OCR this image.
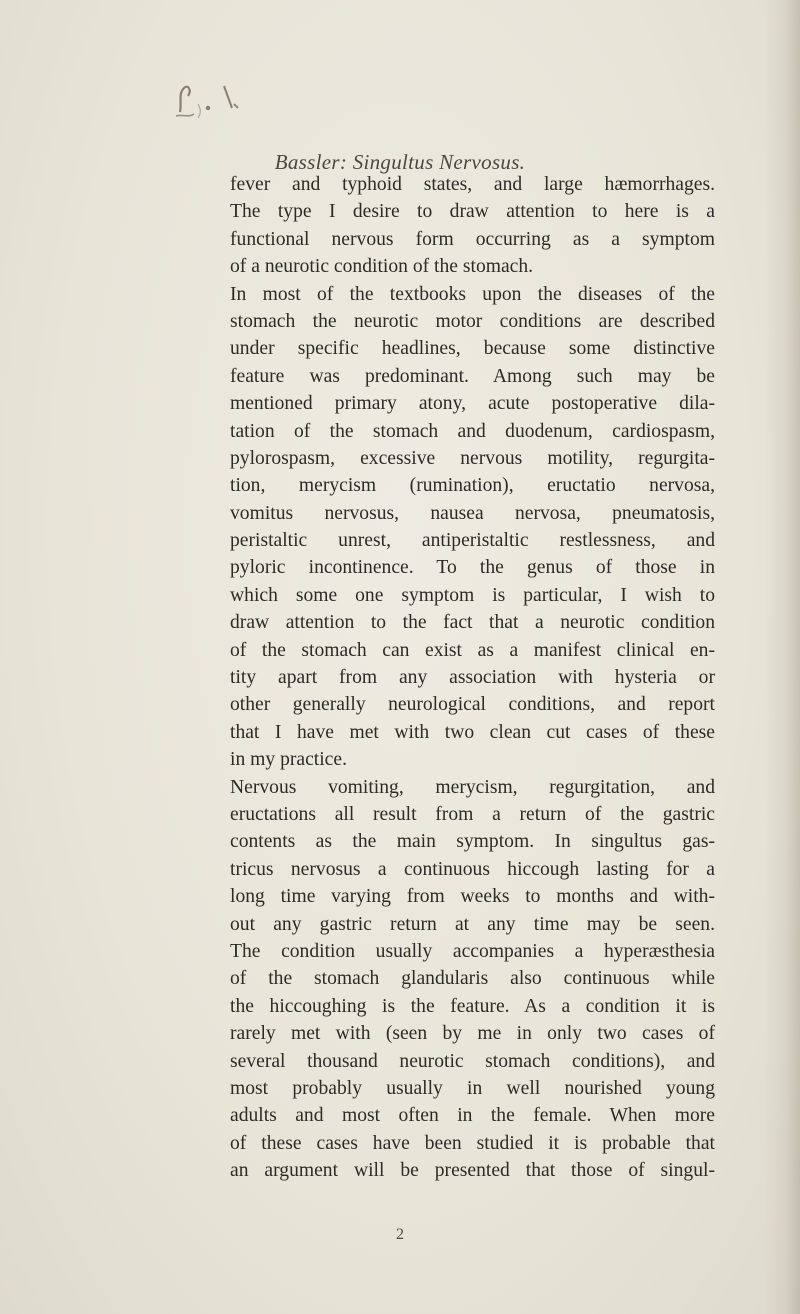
Bassler: Singultus Nervosus.
fever and typhoid states, and large hæmorrhages.
The type I desire to draw attention to here is a
functional nervous form occurring as a symptom
of a neurotic condition of the stomach.
In most of the textbooks upon the diseases of the
stomach the neurotic motor conditions are described
under specific headlines, because some distinctive
feature was predominant. Among such may be
mentioned primary atony, acute postoperative dila-
tation of the stomach and duodenum, cardiospasm,
pylorospasm, excessive nervous motility, regurgita-
tion, merycism (rumination), eructatio nervosa,
vomitus nervosus, nausea nervosa, pneumatosis,
peristaltic unrest, antiperistaltic restlessness, and
pyloric incontinence. To the genus of those in
which some one symptom is particular, I wish to
draw attention to the fact that a neurotic condition
of the stomach can exist as a manifest clinical en-
tity apart from any association with hysteria or
other generally neurological conditions, and report
that I have met with two clean cut cases of these
in my practice.
Nervous vomiting, merycism, regurgitation, and
eructations all result from a return of the gastric
contents as the main symptom. In singultus gas-
tricus nervosus a continuous hiccough lasting for a
long time varying from weeks to months and with-
out any gastric return at any time may be seen.
The condition usually accompanies a hyperæsthesia
of the stomach glandularis also continuous while
the hiccoughing is the feature. As a condition it is
rarely met with (seen by me in only two cases of
several thousand neurotic stomach conditions), and
most probably usually in well nourished young
adults and most often in the female. When more
of these cases have been studied it is probable that
an argument will be presented that those of singul-
2
